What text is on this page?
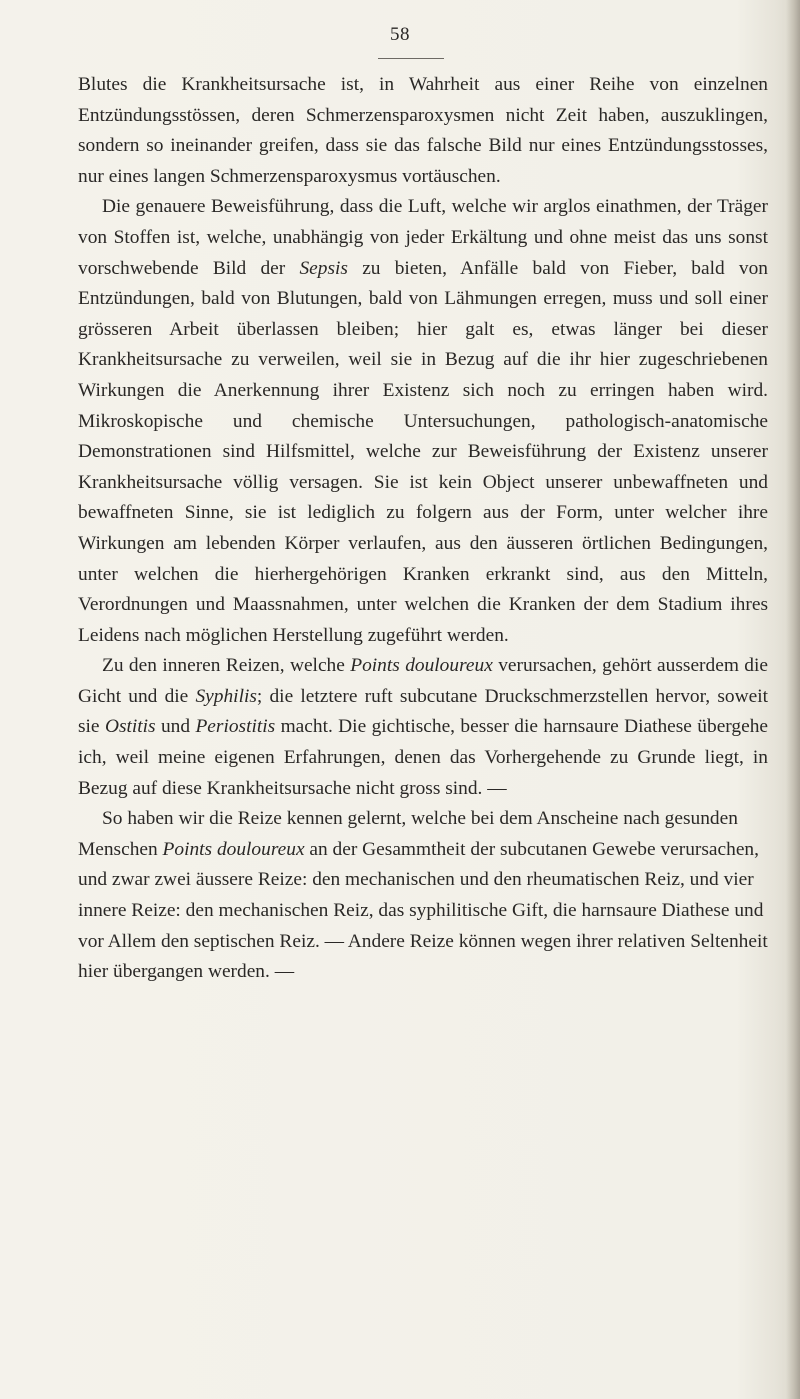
58

Blutes die Krankheitsursache ist, in Wahrheit aus einer Reihe von einzelnen Entzündungsstössen, deren Schmerzensparoxysmen nicht Zeit haben, auszuklingen, sondern so ineinander greifen, dass sie das falsche Bild nur eines Entzündungsstosses, nur eines langen Schmerzensparoxysmus vortäuschen.

Die genauere Beweisführung, dass die Luft, welche wir arglos einathmen, der Träger von Stoffen ist, welche, unabhängig von jeder Erkältung und ohne meist das uns sonst vorschwebende Bild der Sepsis zu bieten, Anfälle bald von Fieber, bald von Entzündungen, bald von Blutungen, bald von Lähmungen erregen, muss und soll einer grösseren Arbeit überlassen bleiben; hier galt es, etwas länger bei dieser Krankheitsursache zu verweilen, weil sie in Bezug auf die ihr hier zugeschriebenen Wirkungen die Anerkennung ihrer Existenz sich noch zu erringen haben wird. Mikroskopische und chemische Untersuchungen, pathologisch-anatomische Demonstrationen sind Hilfsmittel, welche zur Beweisführung der Existenz unserer Krankheitsursache völlig versagen. Sie ist kein Object unserer unbewaffneten und bewaffneten Sinne, sie ist lediglich zu folgern aus der Form, unter welcher ihre Wirkungen am lebenden Körper verlaufen, aus den äusseren örtlichen Bedingungen, unter welchen die hierhergehörigen Kranken erkrankt sind, aus den Mitteln, Verordnungen und Maassnahmen, unter welchen die Kranken der dem Stadium ihres Leidens nach möglichen Herstellung zugeführt werden.

Zu den inneren Reizen, welche Points douloureux verursachen, gehört ausserdem die Gicht und die Syphilis; die letztere ruft subcutane Druckschmerzstellen hervor, soweit sie Ostitis und Periostitis macht. Die gichtische, besser die harnsaure Diathese übergehe ich, weil meine eigenen Erfahrungen, denen das Vorhergehende zu Grunde liegt, in Bezug auf diese Krankheitsursache nicht gross sind. —

So haben wir die Reize kennen gelernt, welche bei dem Anscheine nach gesunden Menschen Points douloureux an der Gesammtheit der subcutanen Gewebe verursachen, und zwar zwei äussere Reize: den mechanischen und den rheumatischen Reiz, und vier innere Reize: den mechanischen Reiz, das syphilitische Gift, die harnsaure Diathese und vor Allem den septischen Reiz. — Andere Reize können wegen ihrer relativen Seltenheit hier übergangen werden. —
